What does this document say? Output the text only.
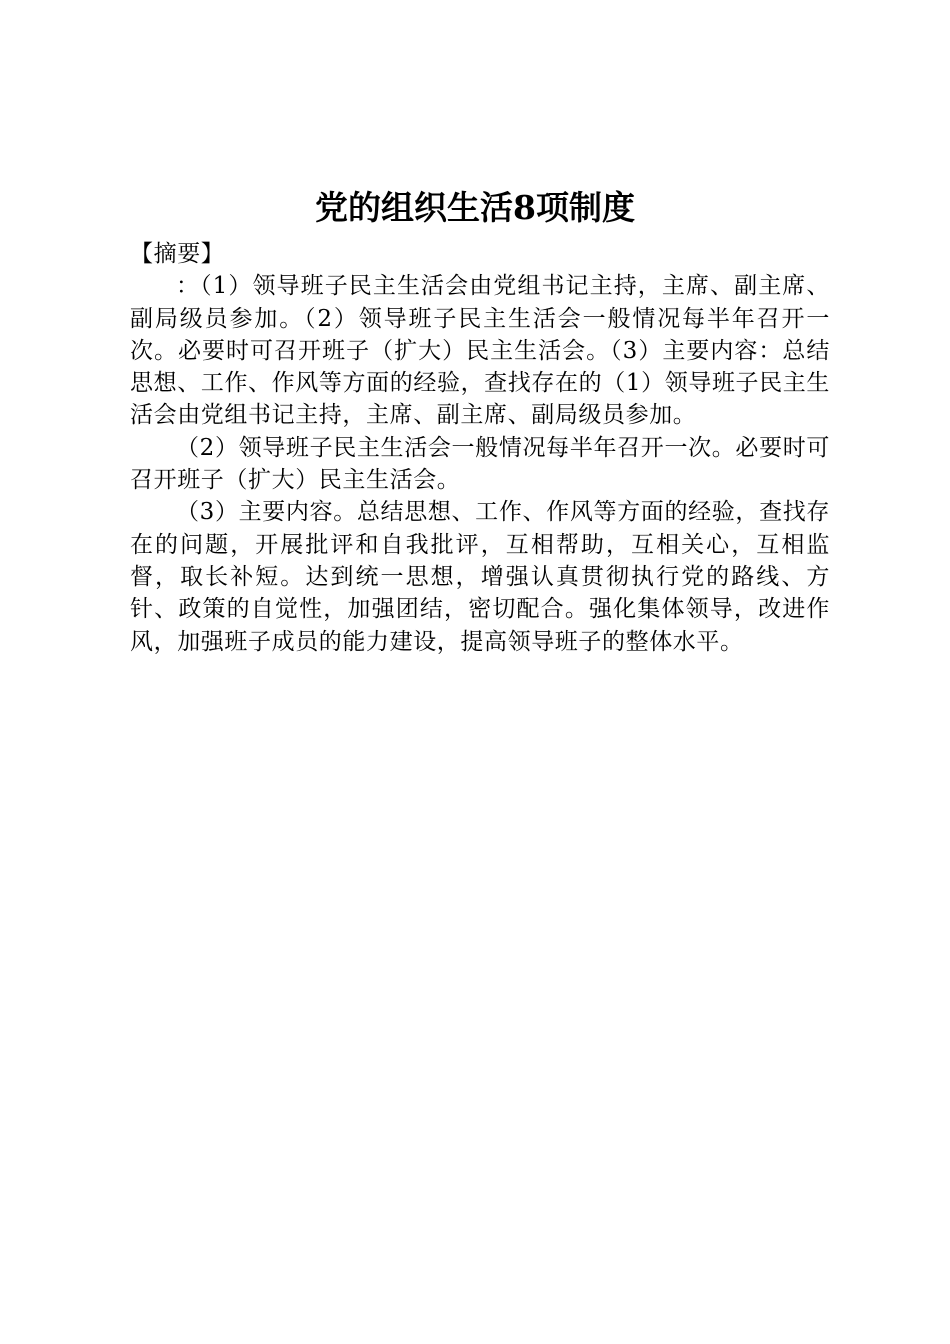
党的组织生活8项制度

【摘要】

：（1）领导班子民主生活会由党组书记主持，主席、副主席、副局级员参加。（2）领导班子民主生活会一般情况每半年召开一次。必要时可召开班子（扩大）民主生活会。（3）主要内容：总结思想、工作、作风等方面的经验，查找存在的（1）领导班子民主生活会由党组书记主持，主席、副主席、副局级员参加。

（2）领导班子民主生活会一般情况每半年召开一次。必要时可召开班子（扩大）民主生活会。

（3）主要内容。总结思想、工作、作风等方面的经验，查找存在的问题，开展批评和自我批评，互相帮助，互相关心，互相监督，取长补短。达到统一思想，增强认真贯彻执行党的路线、方针、政策的自觉性，加强团结，密切配合。强化集体领导，改进作风，加强班子成员的能力建设，提高领导班子的整体水平。
